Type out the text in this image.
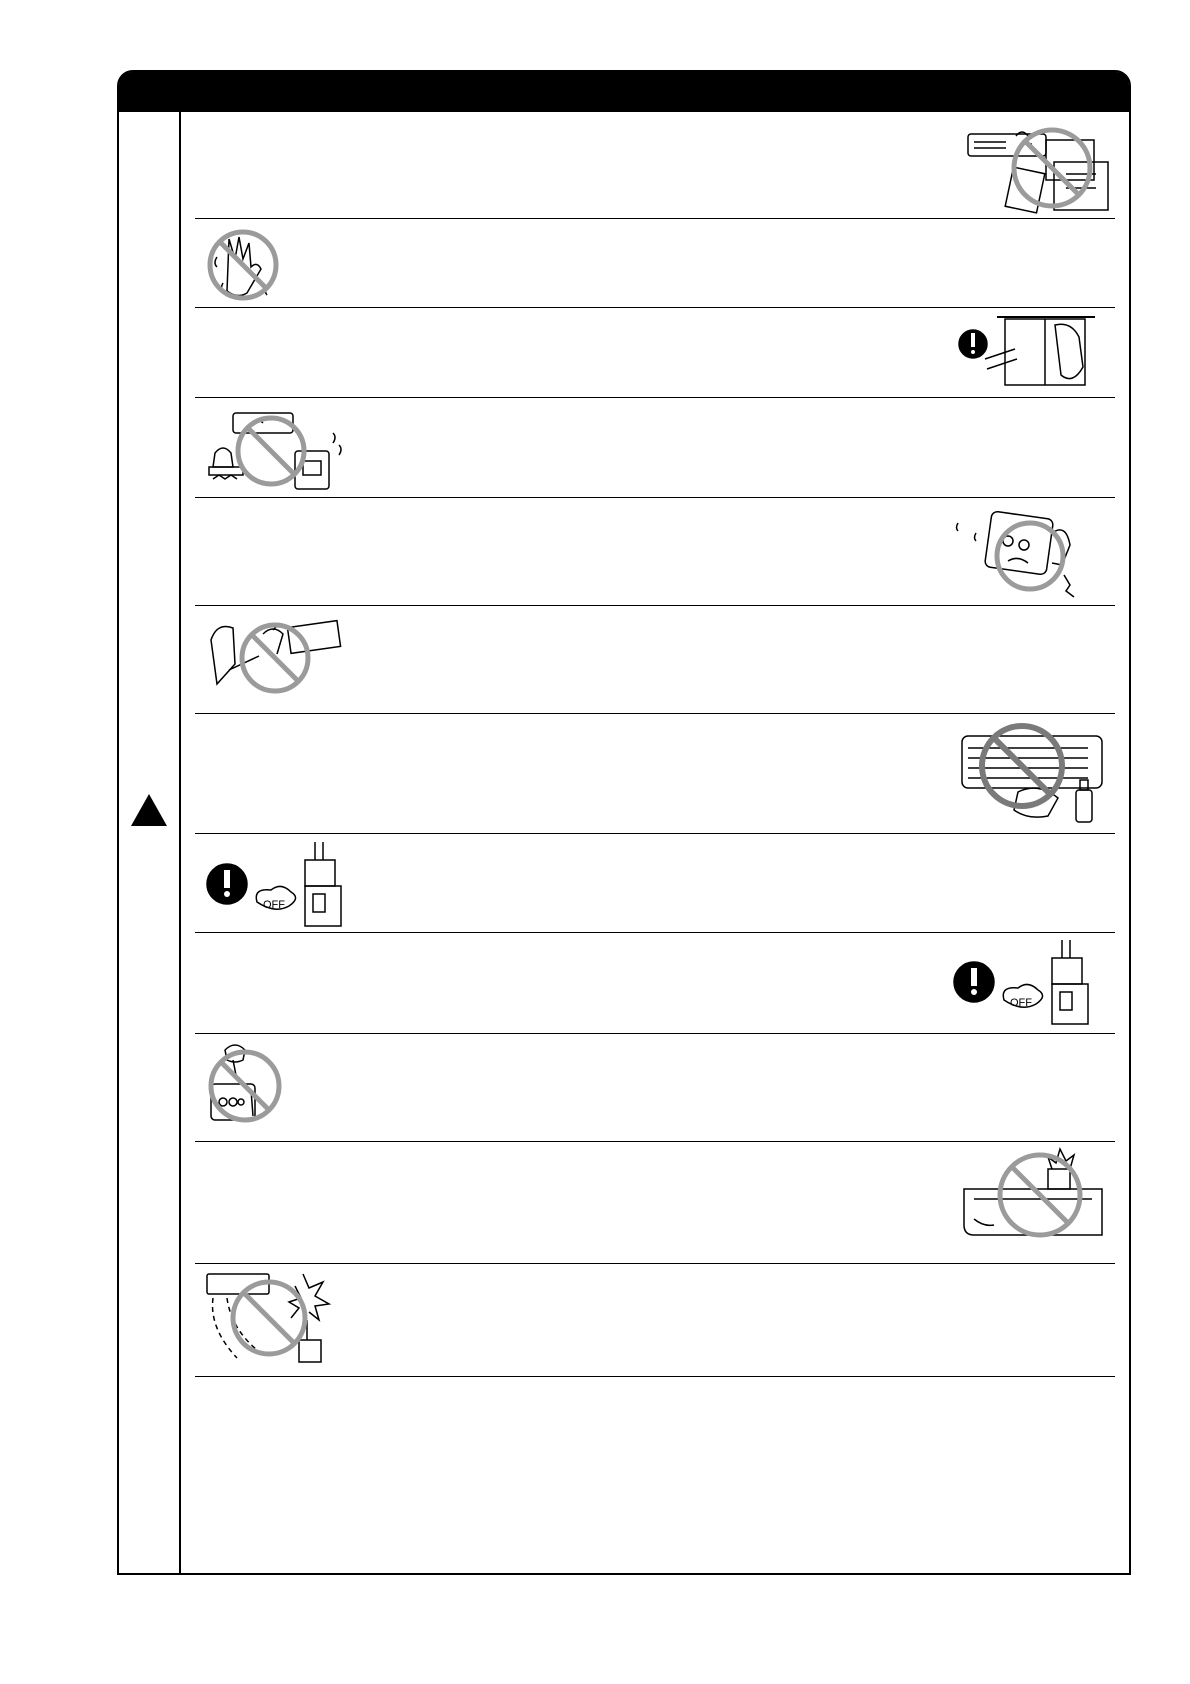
OFF
OFF
